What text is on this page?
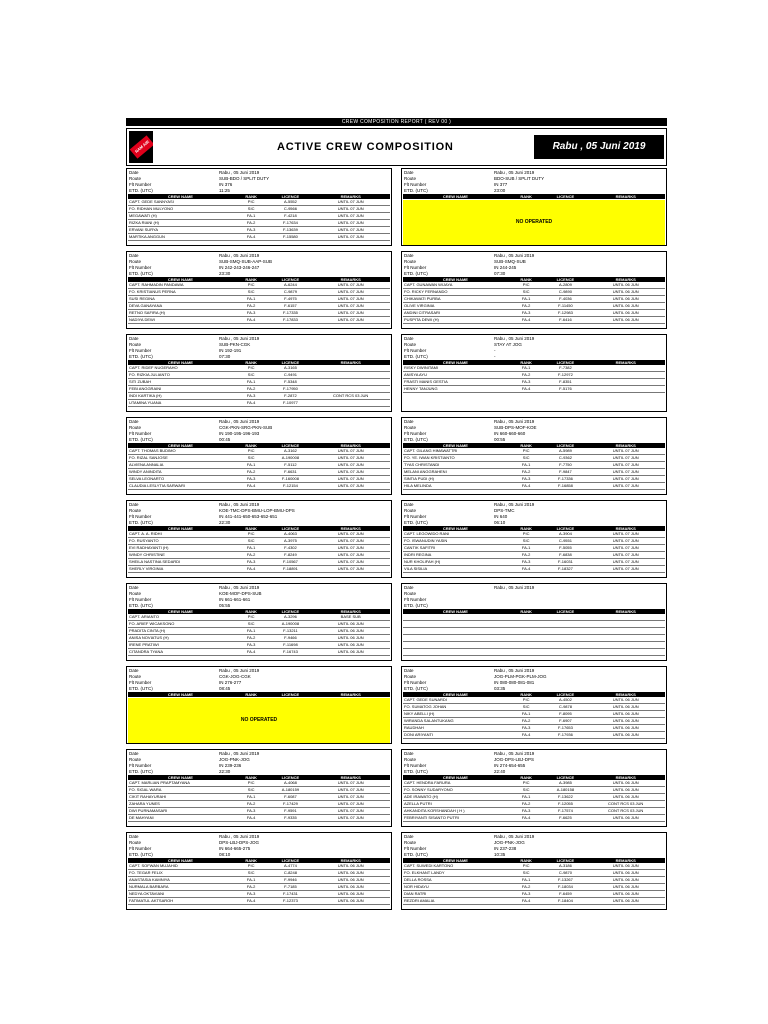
CREW COMPOSITION REPORT ( REV 00 )
NAM AIR	ACTIVE CREW COMPOSITION	Rabu , 05 Juni 2019
Date	Rabu , 05 Juni 2019
Route	SUB-BDO / SPLIT DUTY
Flt Number	IN 376
ETD. (UTC)	11:25
CREW NAME	RANK	LICENCE	REMARKS
CAPT. GEDE SANNYASI	PIC	A-5552	UNTIL 07 JUN
FO. RIDHAN MULYONO	SIC	C-9566	UNTIL 07 JUN
MEGAWATI (H)	FA-1	F-4218	UNTIL 07 JUN
RIZKA RIANI (H)	FA-2	F-17634	UNTIL 07 JUN
ERVANI SURYA	FA-3	F-13639	UNTIL 07 JUN
MARTIKA ANGGUN	FA-4	F-15580	UNTIL 07 JUN
Date	Rabu , 05 Juni 2019
Route	SUB-SMQ-SUB-AAP-SUB
Flt Number	IN 242-243-246-247
ETD. (UTC)	23:30
CREW NAME	RANK	LICENCE	REMARKS
CAPT. RAHMADIN PANDAWA	PIC	A-6244	UNTIL 07 JUN
FO. KRISTIANUS PERNA	SIC	C-9879	UNTIL 07 JUN
SUSI REGINA	FA-1	F-4975	UNTIL 07 JUN
DEVA GANAYANA	FA-2	F-6157	UNTIL 07 JUN
RETNO SAFIRA (H)	FA-3	F-17335	UNTIL 07 JUN
NADIYA DEWI	FA-4	F-17833	UNTIL 07 JUN
Date	Rabu , 05 Juni 2019
Route	SUB-PKN-CGK
Flt Number	IN 192-191
ETD. (UTC)	07:30
CREW NAME	RANK	LICENCE	REMARKS
CAPT. RIDEF NUGERAHO	PIC	A-3165	
FO. RIZKIA JULIANTO	SIC	C-9491	
SITI ZUBAH	FA-1	F-5348	
FEBI ANGGRAINI	FA-2	F-17950	
INDI KARTIKA (H)	FA-3	F-2872	CONT RCS 03 JUN
UTAMINA YUANA	FA-4	F-10977	
Date	Rabu , 05 Juni 2019
Route	CGK-PKN-SRG-PKN-SUB
Flt Number	IN 190-195-196-193
ETD. (UTC)	00:45
CREW NAME	RANK	LICENCE	REMARKS
CAPT. THOMAS BUDIMO	PIC	A-3162	UNTIL 07 JUN
FO. RIZAL SANJOSE	SIC	A-190008	UNTIL 07 JUN
ALVIENA ANNALIA	FA-1	F-5112	UNTIL 07 JUN
WINDY ANINDITA	FA-2	F-6631	UNTIL 07 JUN
SELVA LEONARTO	FA-3	F-160008	UNTIL 07 JUN
CLAUDIA LESLYTIA SARWARI	FA-4	F-12154	UNTIL 07 JUN
Date	Rabu , 05 Juni 2019
Route	KOE-TMC-DPS-BMU-LOP-BMU-DPS
Flt Number	IN 441-441-650-653-652-651
ETD. (UTC)	22:30
CREW NAME	RANK	LICENCE	REMARKS
CAPT. A. A. RIDHI	PIC	A-4063	UNTIL 07 JUN
FO. RUSYANTO	SIC	A-3975	UNTIL 07 JUN
EVI RADHAYANTI (H)	FA-1	F-4302	UNTIL 07 JUN
WINDY CHRISTINE	FA-2	F-8249	UNTIL 07 JUN
SHEILA NASTINA SEDARDI	FA-3	F-10567	UNTIL 07 JUN
SHERLY VIRGINIA	FA-4	F-18891	UNTIL 07 JUN
Date	Rabu , 05 Juni 2019
Route	KOE-MOF-DPS-SUB
Flt Number	IN 661-661-661
ETD. (UTC)	05:55
CREW NAME	RANK	LICENCE	REMARKS
CAPT. ARIANTO	PIC	A-3296	BASE SUB
FO. ARIEF WICAKSONO	SIC	A-190008	UNTIL 06 JUN
PRADITA CINTA (H)	FA-1	F-13211	UNTIL 06 JUN
ANISA NOVIATUS (H)	FA-2	F-9466	UNTIL 06 JUN
IRENE PRATIWI	FA-3	F-11698	UNTIL 06 JUN
CITANDRA TYANA	FA-4	F-16743	UNTIL 06 JUN
Date	Rabu , 05 Juni 2019
Route	CGK-JOG-CGK
Flt Number	IN 276-277
ETD. (UTC)	08:45
CREW NAME	RANK	LICENCE	REMARKS
NO OPERATED
Date	Rabu , 05 Juni 2019
Route	JOG-PNK-JOG
Flt Number	IN 239-236
ETD. (UTC)	22:30
CREW NAME	RANK	LICENCE	REMARKS
CAPT. MARLIAN PRAPTAMYANA	PIC	A-4068	UNTIL 07 JUN
FO. SIGAL WARA	SIC	A-180159	UNTIL 07 JUN
CIKIT RAHAYURAHI	FA-1	F-6087	UNTIL 07 JUN
ZAHARA YUNES	FA-2	F-17429	UNTIL 07 JUN
DWI PURNAMASARI	FA-3	F-9591	UNTIL 07 JUN
DE MAHYANI	FA-4	F-9335	UNTIL 07 JUN
Date	Rabu , 05 Juni 2019
Route	DPS-LBJ-DPS-JOG
Flt Number	IN 664-665-275
ETD. (UTC)	08:10
CREW NAME	RANK	LICENCE	REMARKS
CAPT. SOFWAN MUJAHID	PIC	A-4774	UNTIL 06 JUN
FO. TEGAR FELIX	SIC	C-8248	UNTIL 06 JUN
ANASTASIA KAMNIYA	FA-1	F-9946	UNTIL 06 JUN
NURMALA BARBARA	FA-2	F-7185	UNTIL 06 JUN
NEDYA OKTAVIANI	FA-3	F-17431	UNTIL 06 JUN
FATIMATUL AKTSAROH	FA-4	F-12373	UNTIL 06 JUN
Date	Rabu , 05 Juni 2019
Route	BDO-SUB / SPLIT DUTY
Flt Number	IN 377
ETD. (UTC)	23:00
CREW NAME	RANK	LICENCE	REMARKS
NO OPERATED
Date	Rabu , 05 Juni 2019
Route	SUB-SMQ-SUB
Flt Number	IN 244-245
ETD. (UTC)	07:30
CREW NAME	RANK	LICENCE	REMARKS
CAPT. GUNAWAN WIJAYA	PIC	A-2809	UNTIL 06 JUN
FO. RICKY FERNANDO	SIC	C-9890	UNTIL 06 JUN
CHIKAWATI PURBA	FA-1	F-4036	UNTIL 06 JUN
OLIVE VIRGINIA	FA-2	F-11450	UNTIL 06 JUN
ANDINI CITRASARI	FA-3	F-12983	UNTIL 06 JUN
PUSPITA DEWI (H)	FA-4	F-6416	UNTIL 06 JUN
Date	Rabu , 05 Juni 2019
Route	STAY AT JOG
Flt Number	-
ETD. (UTC)	-
CREW NAME	RANK	LICENCE	REMARKS
RISKY DWINITAMI	FA-1	F-7382	
ANISYA AYU	FA-2	F-12972	
FRASTI MANIS GESTIA	FA-3	F-8351	
HENNY TANJUNG	FA-4	F-5176	
Date	Rabu , 05 Juni 2019
Route	SUB-DPS-MOF-KOE
Flt Number	IN 660-660-660
ETD. (UTC)	00:55
CREW NAME	RANK	LICENCE	REMARKS
CAPT. GILANG HIMAWATTRI	PIC	A-5989	UNTIL 07 JUN
FO. YE. IWAN KRISTIANTO	SIC	C-9362	UNTIL 07 JUN
TYAS CHRISTANDI	FA-1	F-7750	UNTIL 07 JUN
MELANI ANGGRAHENI	FA-2	F-9847	UNTIL 07 JUN
SINTIA PUDI (H)	FA-3	F-17336	UNTIL 07 JUN
HILA MELINDA	FA-4	F-16858	UNTIL 07 JUN
Date	Rabu , 05 Juni 2019
Route	DPS-TMC
Flt Number	IN 640
ETD. (UTC)	06:10
CREW NAME	RANK	LICENCE	REMARKS
CAPT. LEGOWIDO RANI	PIC	A-3904	UNTIL 07 JUN
FO. ISWANUDIN YASIN	SIC	C-9551	UNTIL 07 JUN
CANTIK SAFITRI	FA-1	F-5055	UNTIL 07 JUN
INDRI REGINA	FA-2	F-6838	UNTIL 07 JUN
NUR KHOLIFAH (H)	FA-3	F-16031	UNTIL 07 JUN
VILA SISILIA	FA-4	F-18327	UNTIL 07 JUN
Date	Rabu , 05 Juni 2019
Route
Flt Number
ETD. (UTC)
CREW NAME	RANK	LICENCE	REMARKS

Date	Rabu , 05 Juni 2019
Route	JOG-PLM-PGK-PLM-JOG
Flt Number	IN 080-080-081-081
ETD. (UTC)	03:35
CREW NAME	RANK	LICENCE	REMARKS
CAPT. GEDE SUNARDI	PIC	A-4502	UNTIL 06 JUN
FO. SUMATOG JOHAN	SIC	C-9878	UNTIL 06 JUN
NIKY ABELLI (H)	FA-1	F-8095	UNTIL 06 JUN
WIRANDA SALANTUKANG	FA-2	F-6907	UNTIL 06 JUN
RAUDHAH	FA-3	F-17653	UNTIL 06 JUN
DONI ARIYANTI	FA-4	F-17936	UNTIL 06 JUN
Date	Rabu , 05 Juni 2019
Route	JOG-DPS-LBJ-DPS
Flt Number	IN 274-654-655
ETD. (UTC)	22:40
CREW NAME	RANK	LICENCE	REMARKS
CAPT. HENDRA FARURA	PIC	A-3985	UNTIL 06 JUN
FO. SONNY SUDARYONO	SIC	A-180158	UNTIL 06 JUN
ADE IRAWATO (H)	FA-1	F-13622	UNTIL 06 JUN
AZELLA PUTRI	FA-2	F-12055	CONT RCS 03 JUN
AHKANDITA KORSHANDAH ( H )	FA-3	F-17574	CONT RCS 03 JUN
FEBRIYANTI SISANTO PUTRI	FA-4	F-6625	UNTIL 06 JUN
Date	Rabu , 05 Juni 2019
Route	JOG-PNK-JOG
Flt Number	IN 237-238
ETD. (UTC)	10:35
CREW NAME	RANK	LICENCE	REMARKS
CAPT. SUWEDI KARTONO	PIC	A-3186	UNTIL 06 JUN
FO. ELKHANT LANDY	SIC	C-9870	UNTIL 06 JUN
DELLA ROSSA	FA-1	F-13267	UNTIL 06 JUN
NOR HIDAYU	FA-2	F-18034	UNTIL 06 JUN
DIAN RATRI	FA-3	F-6459	UNTIL 06 JUN
REZDRI AMALIA	FA-4	F-18404	UNTIL 06 JUN
